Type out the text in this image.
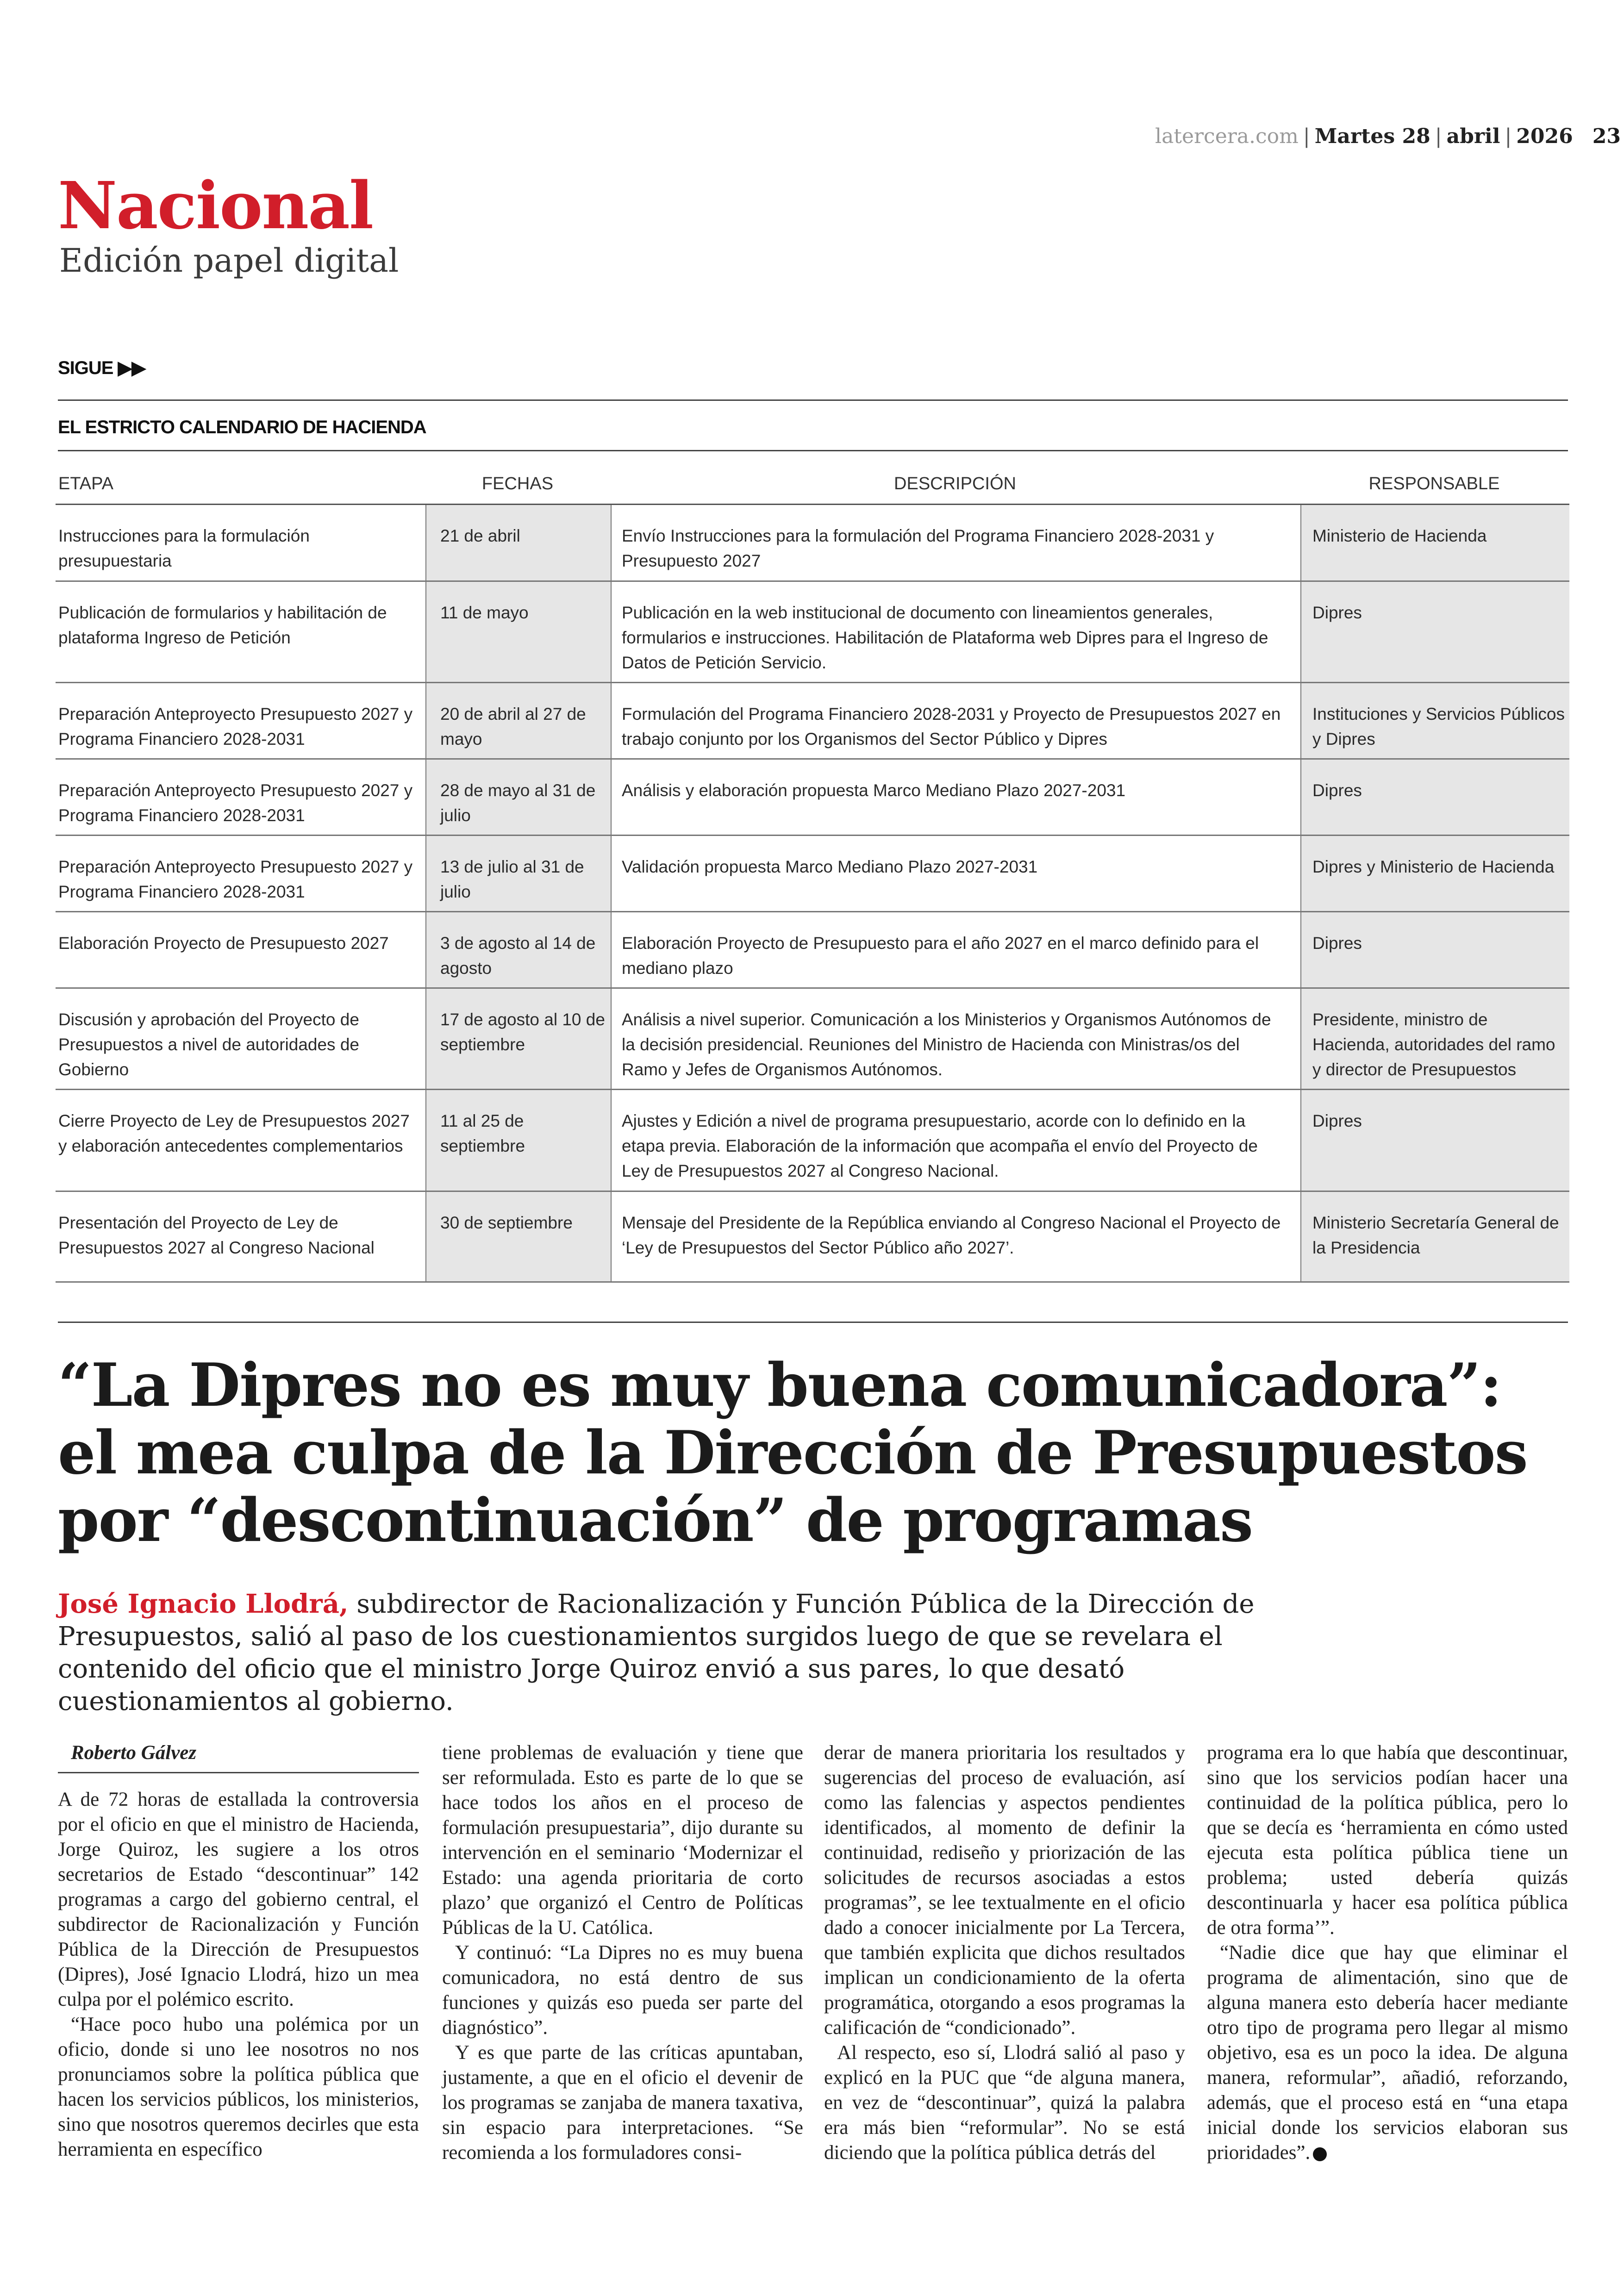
latercera.com | Martes 28 | abril | 2026 23
Nacional
Edición papel digital
SIGUE ▶▶
EL ESTRICTO CALENDARIO DE HACIENDA
ETAPA	FECHAS	DESCRIPCIÓN	RESPONSABLE
Instrucciones para la formulación presupuestaria	21 de abril	Envío Instrucciones para la formulación del Programa Financiero 2028-2031 y Presupuesto 2027	Ministerio de Hacienda
Publicación de formularios y habilitación de plataforma Ingreso de Petición	11 de mayo	Publicación en la web institucional de documento con lineamientos generales, formularios e instrucciones. Habilitación de Plataforma web Dipres para el Ingreso de Datos de Petición Servicio.	Dipres
Preparación Anteproyecto Presupuesto 2027 y Programa Financiero 2028-2031	20 de abril al 27 de mayo	Formulación del Programa Financiero 2028-2031 y Proyecto de Presupuestos 2027 en trabajo conjunto por los Organismos del Sector Público y Dipres	Instituciones y Servicios Públicos y Dipres
Preparación Anteproyecto Presupuesto 2027 y Programa Financiero 2028-2031	28 de mayo al 31 de julio	Análisis y elaboración propuesta Marco Mediano Plazo 2027-2031	Dipres
Preparación Anteproyecto Presupuesto 2027 y Programa Financiero 2028-2031	13 de julio al 31 de julio	Validación propuesta Marco Mediano Plazo 2027-2031	Dipres y Ministerio de Hacienda
Elaboración Proyecto de Presupuesto 2027	3 de agosto al 14 de agosto	Elaboración Proyecto de Presupuesto para el año 2027 en el marco definido para el mediano plazo	Dipres
Discusión y aprobación del Proyecto de Presupuestos a nivel de autoridades de Gobierno	17 de agosto al 10 de septiembre	Análisis a nivel superior. Comunicación a los Ministerios y Organismos Autónomos de la decisión presidencial. Reuniones del Ministro de Hacienda con Ministras/os del Ramo y Jefes de Organismos Autónomos.	Presidente, ministro de Hacienda, autoridades del ramo y director de Presupuestos
Cierre Proyecto de Ley de Presupuestos 2027 y elaboración antecedentes complementarios	11 al 25 de septiembre	Ajustes y Edición a nivel de programa presupuestario, acorde con lo definido en la etapa previa. Elaboración de la información que acompaña el envío del Proyecto de Ley de Presupuestos 2027 al Congreso Nacional.	Dipres
Presentación del Proyecto de Ley de Presupuestos 2027 al Congreso Nacional	30 de septiembre	Mensaje del Presidente de la República enviando al Congreso Nacional el Proyecto de ‘Ley de Presupuestos del Sector Público año 2027’.	Ministerio Secretaría General de la Presidencia
“La Dipres no es muy buena comunicadora”: el mea culpa de la Dirección de Presupuestos por “descontinuación” de programas

José Ignacio Llodrá, subdirector de Racionalización y Función Pública de la Dirección de Presupuestos, salió al paso de los cuestionamientos surgidos luego de que se revelara el contenido del oficio que el ministro Jorge Quiroz envió a sus pares, lo que desató cuestionamientos al gobierno.

Roberto Gálvez

A de 72 horas de estallada la controversia por el oficio en que el ministro de Hacienda, Jorge Quiroz, les sugiere a los otros secretarios de Estado “descontinuar” 142 programas a cargo del gobierno central, el subdirector de Racionalización y Función Pública de la Dirección de Presupuestos (Dipres), José Ignacio Llodrá, hizo un mea culpa por el polémico escrito.

“Hace poco hubo una polémica por un oficio, donde si uno lee nosotros no nos pronunciamos sobre la política pública que hacen los servicios públicos, los ministerios, sino que nosotros queremos decirles que esta herramienta en específico

tiene problemas de evaluación y tiene que ser reformulada. Esto es parte de lo que se hace todos los años en el proceso de formulación presupuestaria”, dijo durante su intervención en el seminario ‘Modernizar el Estado: una agenda prioritaria de corto plazo’ que organizó el Centro de Políticas Públicas de la U. Católica.

Y continuó: “La Dipres no es muy buena comunicadora, no está dentro de sus funciones y quizás eso pueda ser parte del diagnóstico”.

Y es que parte de las críticas apuntaban, justamente, a que en el oficio el devenir de los programas se zanjaba de manera taxativa, sin espacio para interpretaciones. “Se recomienda a los formuladores consi-

derar de manera prioritaria los resultados y sugerencias del proceso de evaluación, así como las falencias y aspectos pendientes identificados, al momento de definir la continuidad, rediseño y priorización de las solicitudes de recursos asociadas a estos programas”, se lee textualmente en el oficio dado a conocer inicialmente por La Tercera, que también explicita que dichos resultados implican un condicionamiento de la oferta programática, otorgando a esos programas la calificación de “condicionado”.

Al respecto, eso sí, Llodrá salió al paso y explicó en la PUC que “de alguna manera, en vez de “descontinuar”, quizá la palabra era más bien “reformular”. No se está diciendo que la política pública detrás del

programa era lo que había que descontinuar, sino que los servicios podían hacer una continuidad de la política pública, pero lo que se decía es ‘herramienta en cómo usted ejecuta esta política pública tiene un problema; usted debería quizás descontinuarla y hacer esa política pública de otra forma’”.

“Nadie dice que hay que eliminar el programa de alimentación, sino que de alguna manera esto debería hacer mediante otro tipo de programa pero llegar al mismo objetivo, esa es un poco la idea. De alguna manera, reformular”, añadió, reforzando, además, que el proceso está en “una etapa inicial donde los servicios elaboran sus prioridades”.
